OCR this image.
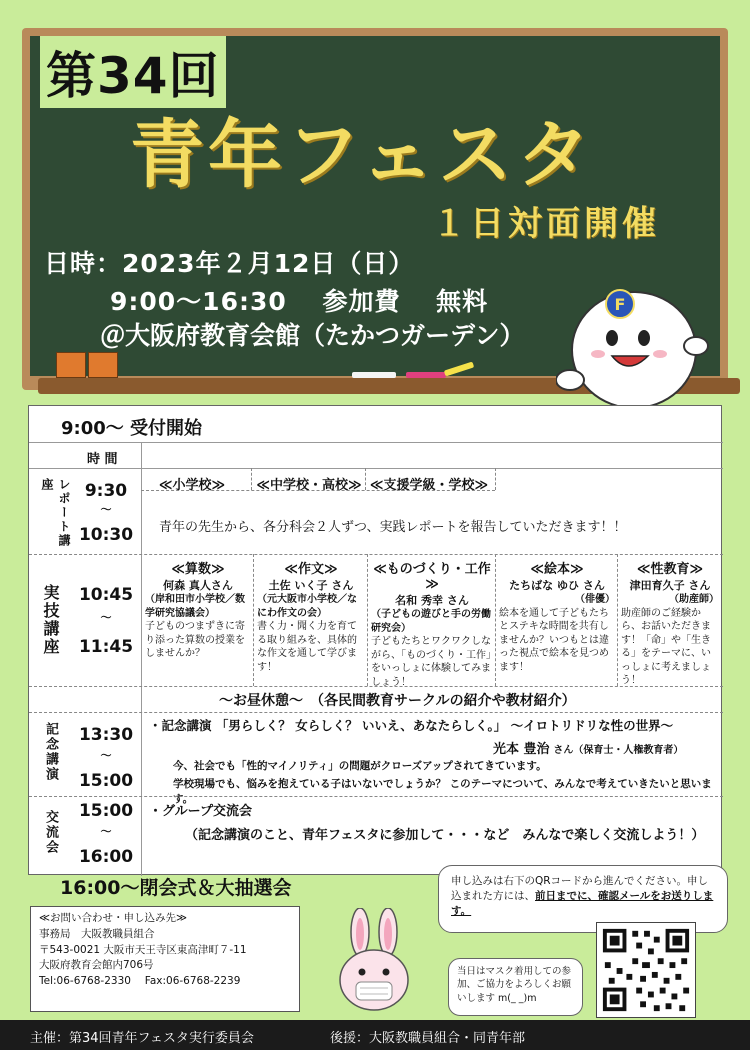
第34回
青年フェスタ
１日対面開催
日時：2023年２月12日（日）
9:00～16:30　 参加費　 無料
＠大阪府教育会館（たかつガーデン）
F
9:00～ 受付開始
時 間
レポート講座	9:30
〜
10:30
≪小学校≫	≪中学校・高校≫ ≪支援学級・学校≫
青年の先生から、各分科会２人ずつ、実践レポートを報告していただきます！！
実技講座	10:45
〜
11:45
≪算数≫
何森 真人さん
（岸和田市小学校／数学研究協議会）
子どものつまずきに寄り添った算数の授業をしませんか？
≪作文≫
土佐 いく子 さん
（元大阪市小学校／なにわ作文の会）
書く力・聞く力を育てる取り組みを、具体的な作文を通して学びます！
≪ものづくり・工作≫
名和 秀幸 さん
（子どもの遊びと手の労働研究会）
子どもたちとワクワクしながら、「ものづくり・工作」をいっしょに体験してみましょう！
≪絵本≫
たちばな ゆひ さん
（俳優）
絵本を通して子どもたちとステキな時間を共有しませんか？いつもとは違った視点で絵本を見つめます！
≪性教育≫
津田育久子 さん
（助産師）
助産師のご経験から、お話いただきます！「命」や「生きる」をテーマに、いっしょに考えましょう！
～お昼休憩～　（各民間教育サークルの紹介や教材紹介）
記念講演	13:30
〜
15:00
・記念講演 「男らしく？ 女らしく？ いいえ、あなたらしく。」 ～イロトリドリな性の世界～
光本 豊治 さん（保育士・人権教育者）
今、社会でも「性的マイノリティ」の問題がクローズアップされてきています。
学校現場でも、悩みを抱えている子はいないでしょうか？ このテーマについて、みんなで考えていきたいと思います。
交流会	15:00
〜
16:00
・グループ交流会
（記念講演のこと、青年フェスタに参加して・・・など　みんなで楽しく交流しよう！）
16:00～閉会式＆大抽選会
≪お問い合わせ・申し込み先≫
事務局　大阪教職員組合
〒543-0021 大阪市天王寺区東高津町７-11
大阪府教育会館内706号
Tel:06-6768-2330　 Fax:06-6768-2239
申し込みは右下のQRコードから進んでください。申し込まれた方には、前日までに、確認メールをお送りします。
当日はマスク着用しての参加、ご協力をよろしくお願いします m(_ _)m
主催：第34回青年フェスタ実行委員会	後援：大阪教職員組合・同青年部
